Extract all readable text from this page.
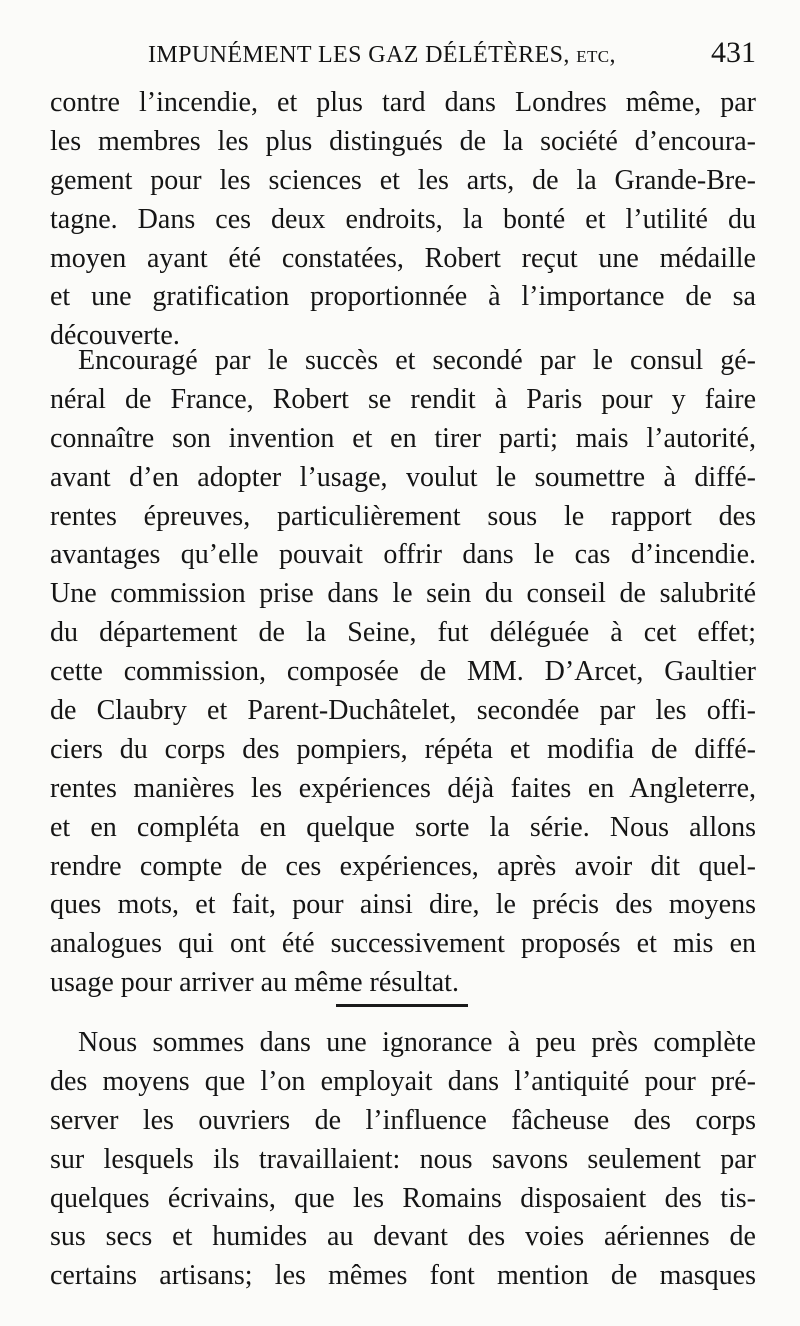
IMPUNÉMENT LES GAZ DÉLÉTÈRES, etc,	431
contre l’incendie, et plus tard dans Londres même, par
les membres les plus distingués de la société d’encoura-
gement pour les sciences et les arts, de la Grande-Bre-
tagne. Dans ces deux endroits, la bonté et l’utilité du
moyen ayant été constatées, Robert reçut une médaille
et une gratification proportionnée à l’importance de sa
découverte.
Encouragé par le succès et secondé par le consul gé-
néral de France, Robert se rendit à Paris pour y faire
connaître son invention et en tirer parti; mais l’autorité,
avant d’en adopter l’usage, voulut le soumettre à diffé-
rentes épreuves, particulièrement sous le rapport des
avantages qu’elle pouvait offrir dans le cas d’incendie.
Une commission prise dans le sein du conseil de salubrité
du département de la Seine, fut déléguée à cet effet;
cette commission, composée de MM. D’Arcet, Gaultier
de Claubry et Parent-Duchâtelet, secondée par les offi-
ciers du corps des pompiers, répéta et modifia de diffé-
rentes manières les expériences déjà faites en Angleterre,
et en compléta en quelque sorte la série. Nous allons
rendre compte de ces expériences, après avoir dit quel-
ques mots, et fait, pour ainsi dire, le précis des moyens
analogues qui ont été successivement proposés et mis en
usage pour arriver au même résultat.
Nous sommes dans une ignorance à peu près complète
des moyens que l’on employait dans l’antiquité pour pré-
server les ouvriers de l’influence fâcheuse des corps
sur lesquels ils travaillaient: nous savons seulement par
quelques écrivains, que les Romains disposaient des tis-
sus secs et humides au devant des voies aériennes de
certains artisans; les mêmes font mention de masques
